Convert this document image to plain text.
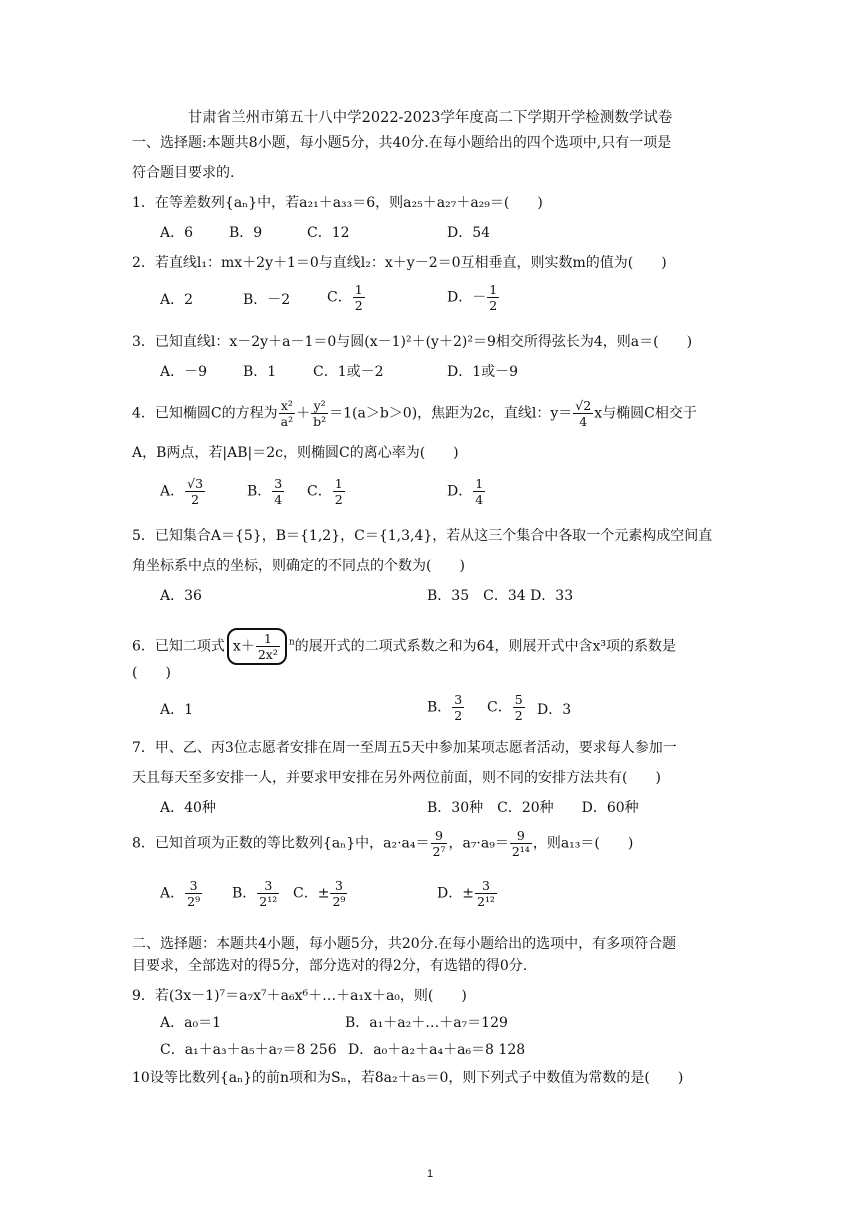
甘肃省兰州市第五十八中学2022-2023学年度高二下学期开学检测数学试卷
一、选择题:本题共8小题，每小题5分，共40分.在每小题给出的四个选项中,只有一项是
符合题目要求的.
1．在等差数列{aₙ}中，若a₂₁＋a₃₃＝6，则a₂₅＋a₂₇＋a₂₉＝(　　)
A．6	B．9	C．12	D．54
2．若直线l₁：mx＋2y＋1＝0与直线l₂：x＋y－2＝0互相垂直，则实数m的值为(　　)
A．2	B．－2	C． $\frac{1}{2}$	D．－ $\frac{1}{2}$
3．已知直线l：x－2y＋a－1＝0与圆(x－1)²＋(y＋2)²＝9相交所得弦长为4，则a＝(　　)
A．－9	B．1	C．1或－2	D．1或－9
4．已知椭圆C的方程为 $\frac{\text{x²}}{\text{a²}} + \frac{\text{y²}}{\text{b²}} =1(a>b>0)$，焦距为2c，直线l：$y= \frac{√2}{4}$ x与椭圆C相交于
A，B两点，若|AB|＝2c，则椭圆C的离心率为(　　)
A． $\frac{√3}{2}$	B． $\frac{3}{4}$ C． $\frac{1}{2}$	D． $\frac{1}{4}$
5．已知集合A＝{5}，B＝{1,2}，C＝{1,3,4}，若从这三个集合中各取一个元素构成空间直
角坐标系中点的坐标，则确定的不同点的个数为(　　)
A．36	B．35　C．34 D．33
6．已知二项式 $x+ \frac{1}{\text{2x²}} ^n$的展开式的二项式系数之和为64，则展开式中含x³项的系数是
(　　)
A．1	B． $\frac{3}{2}$ C． $\frac{5}{2}$ D．3
7．甲、乙、丙3位志愿者安排在周一至周五5天中参加某项志愿者活动，要求每人参加一
天且每天至多安排一人，并要求甲安排在另外两位前面，则不同的安排方法共有(　　)
A．40种	B．30种　C．20种　　D．60种
8．已知首项为正数的等比数列{aₙ}中，$a_2\cdot a_4= \frac{9}{\text{2⁷}}$ ，$a_7\cdot a_9= \frac{9}{\text{2¹⁴}}$ ，则a₁₃＝(　　)
A． $\frac{3}{\text{2⁹}}$ B． $\frac{3}{\text{2¹²}}$ C．± $\frac{3}{\text{2⁹}}$	D．± $\frac{3}{\text{2¹²}}$
二、选择题：本题共4小题，每小题5分，共20分.在每小题给出的选项中，有多项符合题
目要求，全部选对的得5分，部分选对的得2分，有选错的得0分.
9．若(3x－1)⁷＝a₇x⁷＋a₆x⁶＋…＋a₁x＋a₀，则(　　)
A．a₀＝1	B．a₁＋a₂＋…＋a₇＝129
C．a₁＋a₃＋a₅＋a₇＝8 256 D．a₀＋a₂＋a₄＋a₆＝8 128
10设等比数列{aₙ}的前n项和为Sₙ，若8a₂＋a₅＝0，则下列式子中数值为常数的是(　　)
1
